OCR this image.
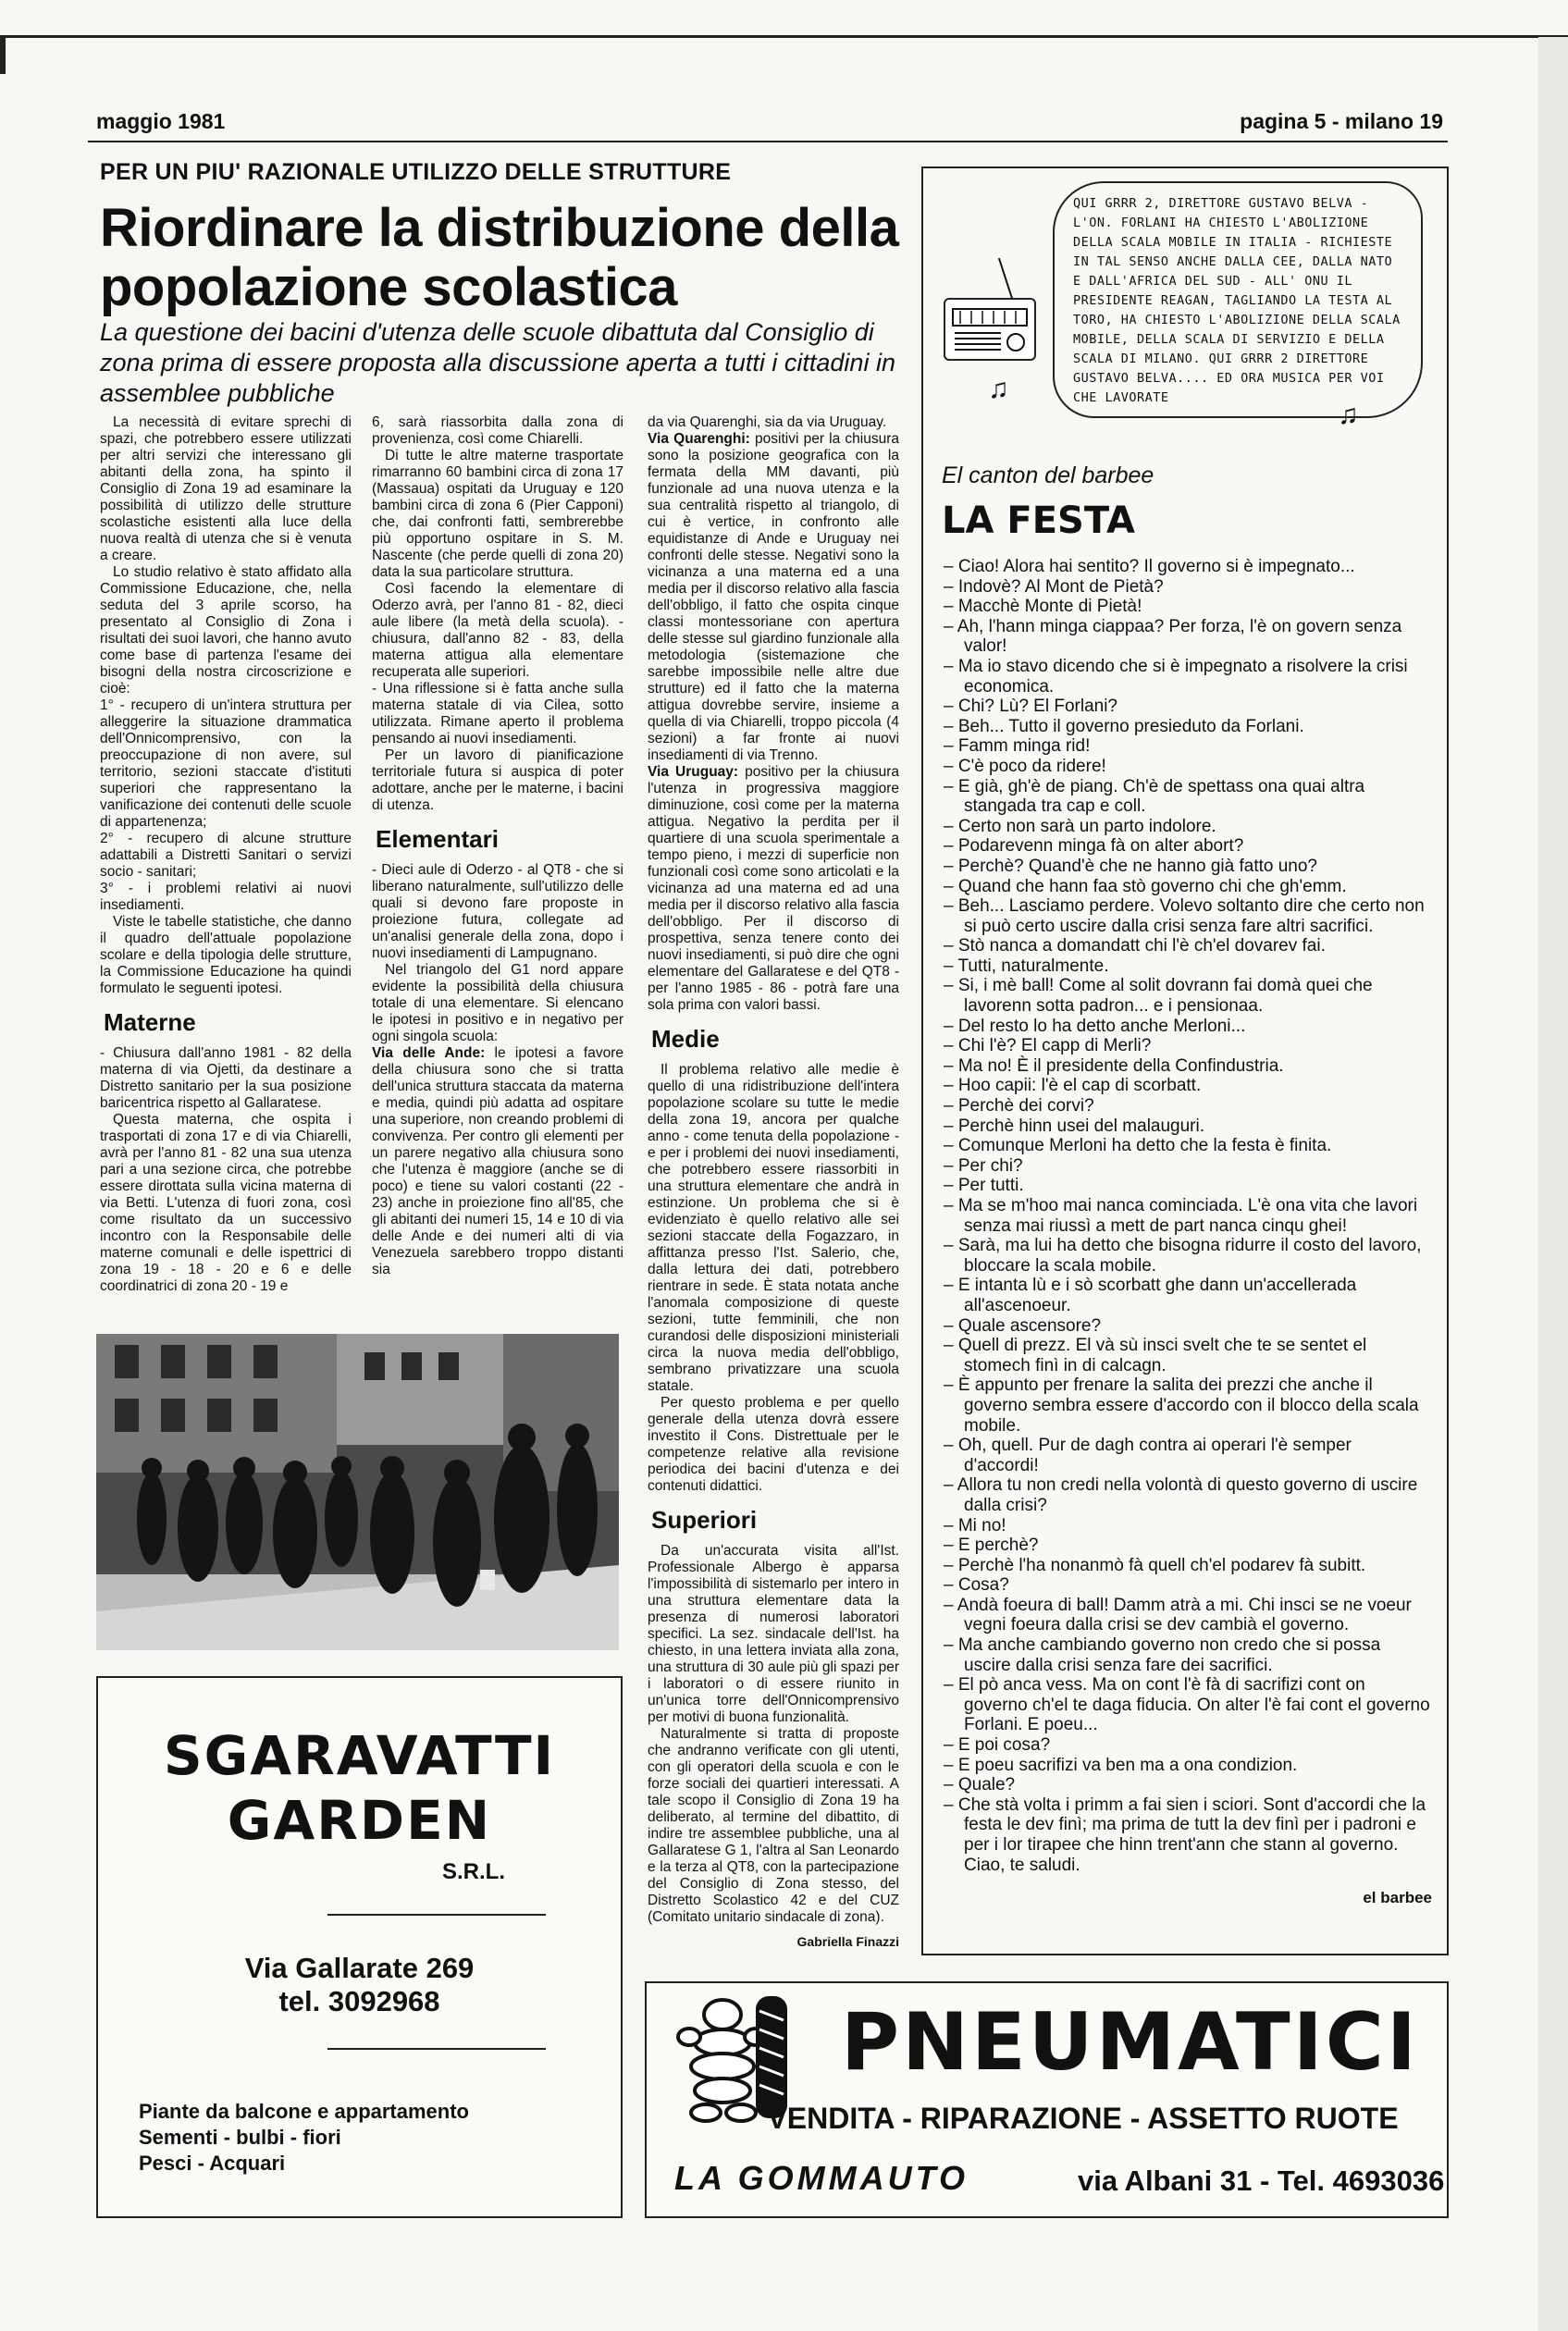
maggio 1981	pagina 5 - milano 19
PER UN PIU' RAZIONALE UTILIZZO DELLE STRUTTURE
Riordinare la distribuzione della popolazione scolastica
La questione dei bacini d'utenza delle scuole dibattuta dal Consiglio di zona prima di essere proposta alla discussione aperta a tutti i cittadini in assemblee pubbliche

La necessità di evitare sprechi di spazi, che potrebbero essere utilizzati per altri servizi che interessano gli abitanti della zona, ha spinto il Consiglio di Zona 19 ad esaminare la possibilità di utilizzo delle strutture scolastiche esistenti alla luce della nuova realtà di utenza che si è venuta a creare.

Lo studio relativo è stato affidato alla Commissione Educazione, che, nella seduta del 3 aprile scorso, ha presentato al Consiglio di Zona i risultati dei suoi lavori, che hanno avuto come base di partenza l'esame dei bisogni della nostra circoscrizione e cioè:

1° - recupero di un'intera struttura per alleggerire la situazione drammatica dell'Onnicomprensivo, con la preoccupazione di non avere, sul territorio, sezioni staccate d'istituti superiori che rappresentano la vanificazione dei contenuti delle scuole di appartenenza;

2° - recupero di alcune strutture adattabili a Distretti Sanitari o servizi socio - sanitari;

3° - i problemi relativi ai nuovi insediamenti.

Viste le tabelle statistiche, che danno il quadro dell'attuale popolazione scolare e della tipologia delle strutture, la Commissione Educazione ha quindi formulato le seguenti ipotesi.

Materne

- Chiusura dall'anno 1981 - 82 della materna di via Ojetti, da destinare a Distretto sanitario per la sua posizione baricentrica rispetto al Gallaratese.

Questa materna, che ospita i trasportati di zona 17 e di via Chiarelli, avrà per l'anno 81 - 82 una sua utenza pari a una sezione circa, che potrebbe essere dirottata sulla vicina materna di via Betti. L'utenza di fuori zona, così come risultato da un successivo incontro con la Responsabile delle materne comunali e delle ispettrici di zona 19 - 18 - 20 e 6 e delle coordinatrici di zona 20 - 19 e

6, sarà riassorbita dalla zona di provenienza, così come Chiarelli.

Di tutte le altre materne trasportate rimarranno 60 bambini circa di zona 17 (Massaua) ospitati da Uruguay e 120 bambini circa di zona 6 (Pier Capponi) che, dai confronti fatti, sembrerebbe più opportuno ospitare in S. M. Nascente (che perde quelli di zona 20) data la sua particolare struttura.

Così facendo la elementare di Oderzo avrà, per l'anno 81 - 82, dieci aule libere (la metà della scuola). - chiusura, dall'anno 82 - 83, della materna attigua alla elementare recuperata alle superiori.

- Una riflessione si è fatta anche sulla materna statale di via Cilea, sotto utilizzata. Rimane aperto il problema pensando ai nuovi insediamenti.

Per un lavoro di pianificazione territoriale futura si auspica di poter adottare, anche per le materne, i bacini di utenza.

Elementari

- Dieci aule di Oderzo - al QT8 - che si liberano naturalmente, sull'utilizzo delle quali si devono fare proposte in proiezione futura, collegate ad un'analisi generale della zona, dopo i nuovi insediamenti di Lampugnano.

Nel triangolo del G1 nord appare evidente la possibilità della chiusura totale di una elementare. Si elencano le ipotesi in positivo e in negativo per ogni singola scuola:

Via delle Ande: le ipotesi a favore della chiusura sono che si tratta dell'unica struttura staccata da materna e media, quindi più adatta ad ospitare una superiore, non creando problemi di convivenza. Per contro gli elementi per un parere negativo alla chiusura sono che l'utenza è maggiore (anche se di poco) e tiene su valori costanti (22 - 23) anche in proiezione fino all'85, che gli abitanti dei numeri 15, 14 e 10 di via delle Ande e dei numeri alti di via Venezuela sarebbero troppo distanti sia

da via Quarenghi, sia da via Uruguay.

Via Quarenghi: positivi per la chiusura sono la posizione geografica con la fermata della MM davanti, più funzionale ad una nuova utenza e la sua centralità rispetto al triangolo, di cui è vertice, in confronto alle equidistanze di Ande e Uruguay nei confronti delle stesse. Negativi sono la vicinanza a una materna ed a una media per il discorso relativo alla fascia dell'obbligo, il fatto che ospita cinque classi montessoriane con apertura delle stesse sul giardino funzionale alla metodologia (sistemazione che sarebbe impossibile nelle altre due strutture) ed il fatto che la materna attigua dovrebbe servire, insieme a quella di via Chiarelli, troppo piccola (4 sezioni) a far fronte ai nuovi insediamenti di via Trenno.

Via Uruguay: positivo per la chiusura l'utenza in progressiva maggiore diminuzione, così come per la materna attigua. Negativo la perdita per il quartiere di una scuola sperimentale a tempo pieno, i mezzi di superficie non funzionali così come sono articolati e la vicinanza ad una materna ed ad una media per il discorso relativo alla fascia dell'obbligo. Per il discorso di prospettiva, senza tenere conto dei nuovi insediamenti, si può dire che ogni elementare del Gallaratese e del QT8 - per l'anno 1985 - 86 - potrà fare una sola prima con valori bassi.

Medie

Il problema relativo alle medie è quello di una ridistribuzione dell'intera popolazione scolare su tutte le medie della zona 19, ancora per qualche anno - come tenuta della popolazione - e per i problemi dei nuovi insediamenti, che potrebbero essere riassorbiti in una struttura elementare che andrà in estinzione. Un problema che si è evidenziato è quello relativo alle sei sezioni staccate della Fogazzaro, in affittanza presso l'Ist. Salerio, che, dalla lettura dei dati, potrebbero rientrare in sede. È stata notata anche l'anomala composizione di queste sezioni, tutte femminili, che non curandosi delle disposizioni ministeriali circa la nuova media dell'obbligo, sembrano privatizzare una scuola statale.

Per questo problema e per quello generale della utenza dovrà essere investito il Cons. Distrettuale per le competenze relative alla revisione periodica dei bacini d'utenza e dei contenuti didattici.

Superiori

Da un'accurata visita all'Ist. Professionale Albergo è apparsa l'impossibilità di sistemarlo per intero in una struttura elementare data la presenza di numerosi laboratori specifici. La sez. sindacale dell'Ist. ha chiesto, in una lettera inviata alla zona, una struttura di 30 aule più gli spazi per i laboratori o di essere riunito in un'unica torre dell'Onnicomprensivo per motivi di buona funzionalità.

Naturalmente si tratta di proposte che andranno verificate con gli utenti, con gli operatori della scuola e con le forze sociali dei quartieri interessati. A tale scopo il Consiglio di Zona 19 ha deliberato, al termine del dibattito, di indire tre assemblee pubbliche, una al Gallaratese G 1, l'altra al San Leonardo e la terza al QT8, con la partecipazione del Consiglio di Zona stesso, del Distretto Scolastico 42 e del CUZ (Comitato unitario sindacale di zona).

Gabriella Finazzi
SGARAVATTI
GARDEN
S.R.L.
Via Gallarate 269
tel. 3092968
Piante da balcone e appartamento
Sementi - bulbi - fiori
Pesci - Acquari
PNEUMATICI
VENDITA - RIPARAZIONE - ASSETTO RUOTE
LA GOMMAUTO	via Albani 31 - Tel. 4693036
♫
♫
QUI GRRR 2, DIRETTORE GUSTAVO BELVA - L'ON. FORLANI HA CHIESTO L'ABOLIZIONE DELLA SCALA MOBILE IN ITALIA - RICHIESTE IN TAL SENSO ANCHE DALLA CEE, DALLA NATO E DALL'AFRICA DEL SUD - ALL' ONU IL PRESIDENTE REAGAN, TAGLIANDO LA TESTA AL TORO, HA CHIESTO L'ABOLIZIONE DELLA SCALA MOBILE, DELLA SCALA DI SERVIZIO E DELLA SCALA DI MILANO. QUI GRRR 2 DIRETTORE GUSTAVO BELVA.... ED ORA MUSICA PER VOI CHE LAVORATE
El canton del barbee
LA FESTA
– Ciao! Alora hai sentito? Il governo si è impegnato...
– Indovè? Al Mont de Pietà?
– Macchè Monte di Pietà!
– Ah, l'hann minga ciappaa? Per forza, l'è on govern senza valor!
– Ma io stavo dicendo che si è impegnato a risolvere la crisi economica.
– Chi? Lù? El Forlani?
– Beh... Tutto il governo presieduto da Forlani.
– Famm minga rid!
– C'è poco da ridere!
– E già, gh'è de piang. Ch'è de spettass ona quai altra stangada tra cap e coll.
– Certo non sarà un parto indolore.
– Podarevenn minga fà on alter abort?
– Perchè? Quand'è che ne hanno già fatto uno?
– Quand che hann faa stò governo chi che gh'emm.
– Beh... Lasciamo perdere. Volevo soltanto dire che certo non si può certo uscire dalla crisi senza fare altri sacrifici.
– Stò nanca a domandatt chi l'è ch'el dovarev fai.
– Tutti, naturalmente.
– Si, i mè ball! Come al solit dovrann fai domà quei che lavorenn sotta padron... e i pensionaa.
– Del resto lo ha detto anche Merloni...
– Chi l'è? El capp di Merli?
– Ma no! È il presidente della Confindustria.
– Hoo capii: l'è el cap di scorbatt.
– Perchè dei corvi?
– Perchè hinn usei del malauguri.
– Comunque Merloni ha detto che la festa è finita.
– Per chi?
– Per tutti.
– Ma se m'hoo mai nanca cominciada. L'è ona vita che lavori senza mai riussì a mett de part nanca cinqu ghei!
– Sarà, ma lui ha detto che bisogna ridurre il costo del lavoro, bloccare la scala mobile.
– E intanta lù e i sò scorbatt ghe dann un'accellerada all'ascenoeur.
– Quale ascensore?
– Quell di prezz. El và sù insci svelt che te se sentet el stomech finì in di calcagn.
– È appunto per frenare la salita dei prezzi che anche il governo sembra essere d'accordo con il blocco della scala mobile.
– Oh, quell. Pur de dagh contra ai operari l'è semper d'accordi!
– Allora tu non credi nella volontà di questo governo di uscire dalla crisi?
– Mi no!
– E perchè?
– Perchè l'ha nonanmò fà quell ch'el podarev fà subitt.
– Cosa?
– Andà foeura di ball! Damm atrà a mi. Chi insci se ne voeur vegni foeura dalla crisi se dev cambià el governo.
– Ma anche cambiando governo non credo che si possa uscire dalla crisi senza fare dei sacrifici.
– El pò anca vess. Ma on cont l'è fà di sacrifizi cont on governo ch'el te daga fiducia. On alter l'è fai cont el governo Forlani. E poeu...
– E poi cosa?
– E poeu sacrifizi va ben ma a ona condizion.
– Quale?
– Che stà volta i primm a fai sien i sciori. Sont d'accordi che la festa le dev finì; ma prima de tutt la dev finì per i padroni e per i lor tirapee che hinn trent'ann che stann al governo. Ciao, te saludi.
el barbee
